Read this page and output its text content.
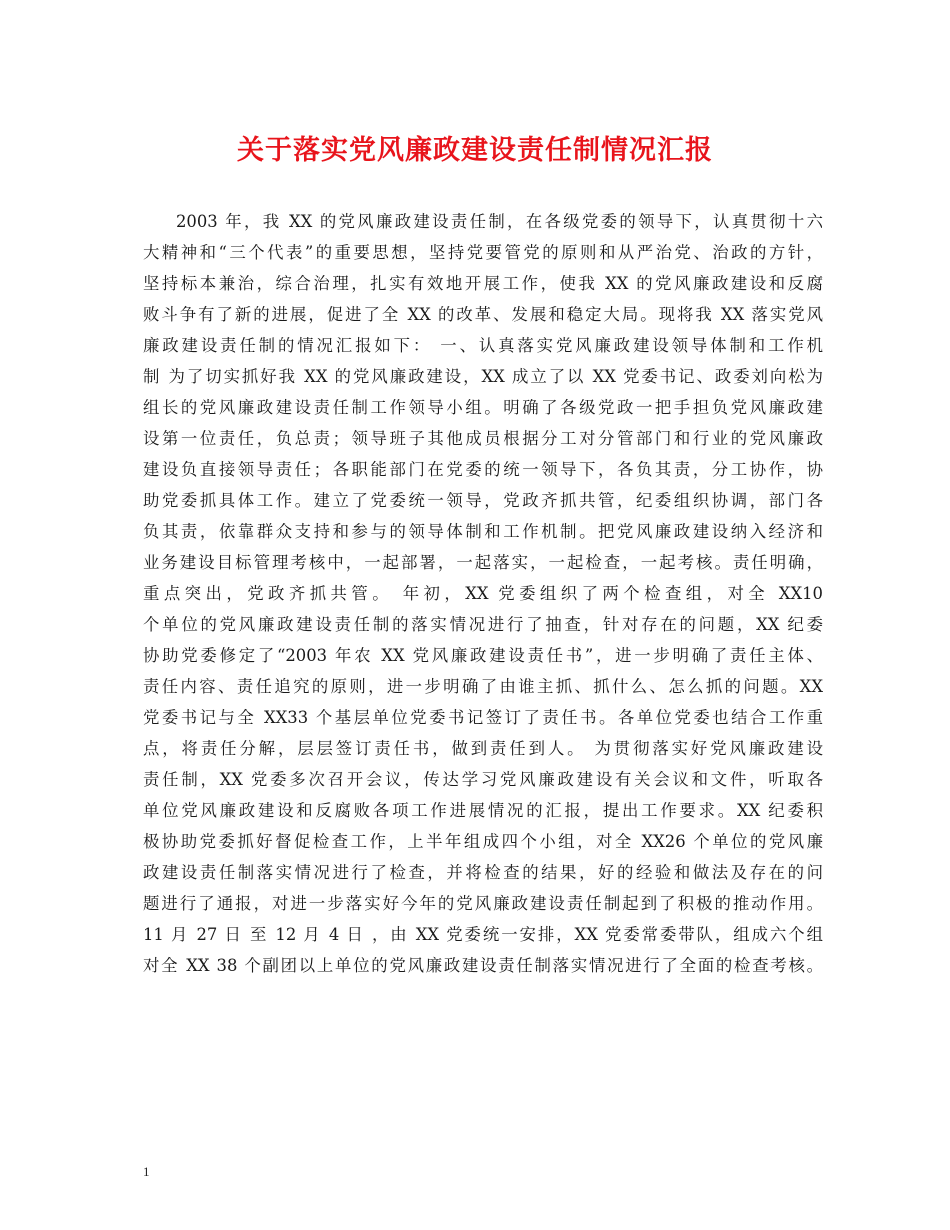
关于落实党风廉政建设责任制情况汇报
2003 年，我 XX 的党风廉政建设责任制，在各级党委的领导下，认真贯彻十六
大精神和“三个代表”的重要思想，坚持党要管党的原则和从严治党、治政的方针，
坚持标本兼治，综合治理，扎实有效地开展工作，使我 XX 的党风廉政建设和反腐
败斗争有了新的进展，促进了全 XX 的改革、发展和稳定大局。现将我 XX 落实党风
廉政建设责任制的情况汇报如下： 一、认真落实党风廉政建设领导体制和工作机
制 为了切实抓好我 XX 的党风廉政建设，XX 成立了以 XX 党委书记、政委刘向松为
组长的党风廉政建设责任制工作领导小组。明确了各级党政一把手担负党风廉政建
设第一位责任，负总责；领导班子其他成员根据分工对分管部门和行业的党风廉政
建设负直接领导责任；各职能部门在党委的统一领导下，各负其责，分工协作，协
助党委抓具体工作。建立了党委统一领导，党政齐抓共管，纪委组织协调，部门各
负其责，依靠群众支持和参与的领导体制和工作机制。把党风廉政建设纳入经济和
业务建设目标管理考核中，一起部署，一起落实，一起检查，一起考核。责任明确，
重点突出，党政齐抓共管。 年初，XX 党委组织了两个检查组，对全 XX10
个单位的党风廉政建设责任制的落实情况进行了抽查，针对存在的问题，XX 纪委
协助党委修定了“2003 年农 XX 党风廉政建设责任书”，进一步明确了责任主体、
责任内容、责任追究的原则，进一步明确了由谁主抓、抓什么、怎么抓的问题。XX
党委书记与全 XX33 个基层单位党委书记签订了责任书。各单位党委也结合工作重
点，将责任分解，层层签订责任书，做到责任到人。 为贯彻落实好党风廉政建设
责任制，XX 党委多次召开会议，传达学习党风廉政建设有关会议和文件，听取各
单位党风廉政建设和反腐败各项工作进展情况的汇报，提出工作要求。XX 纪委积
极协助党委抓好督促检查工作，上半年组成四个小组，对全 XX26 个单位的党风廉
政建设责任制落实情况进行了检查，并将检查的结果，好的经验和做法及存在的问
题进行了通报，对进一步落实好今年的党风廉政建设责任制起到了积极的推动作用。
11 月 27 日 至 12 月 4 日 ，由 XX 党委统一安排，XX 党委常委带队，组成六个组
对全 XX 38 个副团以上单位的党风廉政建设责任制落实情况进行了全面的检查考核。
1
